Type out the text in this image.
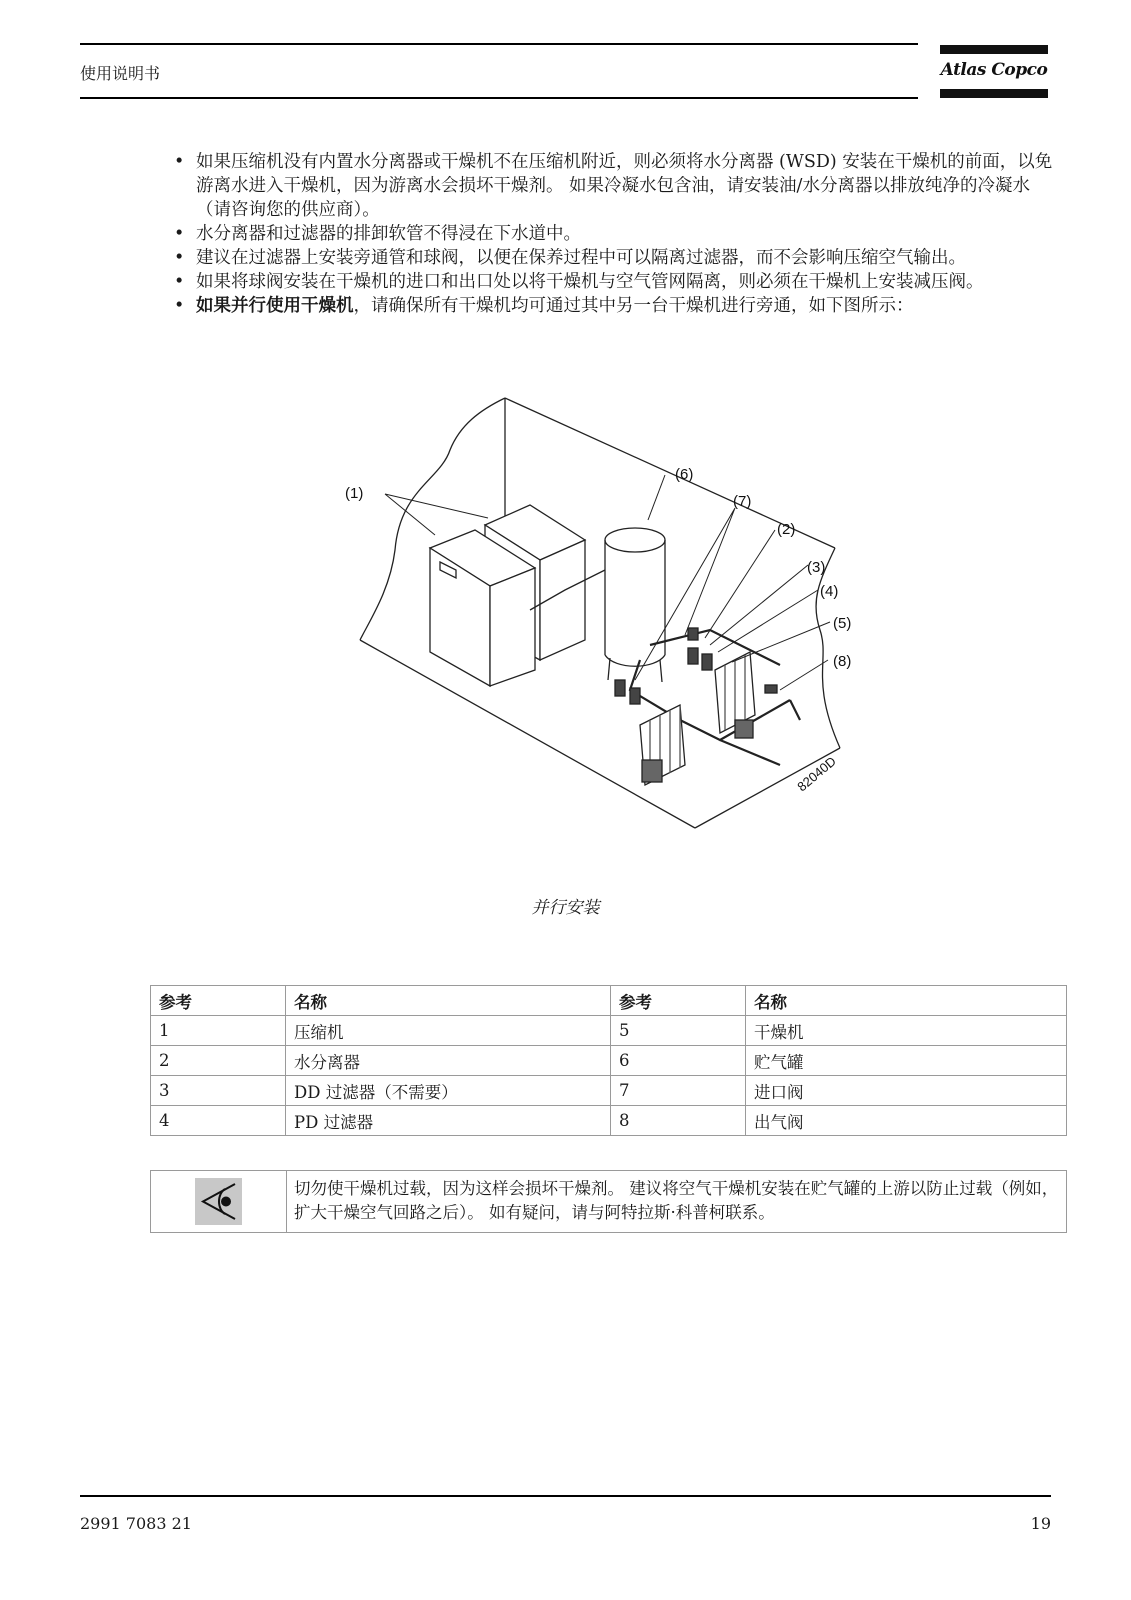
使用说明书	Atlas Copco
• 如果压缩机没有内置水分离器或干燥机不在压缩机附近，则必须将水分离器 (WSD) 安装在干燥机的前面，以免游离水进入干燥机，因为游离水会损坏干燥剂。 如果冷凝水包含油，请安装油/水分离器以排放纯净的冷凝水（请咨询您的供应商）。
• 水分离器和过滤器的排卸软管不得浸在下水道中。
• 建议在过滤器上安装旁通管和球阀，以便在保养过程中可以隔离过滤器，而不会影响压缩空气输出。
• 如果将球阀安装在干燥机的进口和出口处以将干燥机与空气管网隔离，则必须在干燥机上安装减压阀。
• 如果并行使用干燥机，请确保所有干燥机均可通过其中另一台干燥机进行旁通，如下图所示：
(1)
(6)
(7)
(2)
(3)
(4)
(5)
(8)
82040D
并行安装
参考	名称	参考	名称
1	压缩机	5	干燥机
2	水分离器	6	贮气罐
3	DD 过滤器（不需要）	7	进口阀
4	PD 过滤器	8	出气阀
切勿使干燥机过载，因为这样会损坏干燥剂。 建议将空气干燥机安装在贮气罐的上游以防止过载（例如，扩大干燥空气回路之后）。 如有疑问，请与阿特拉斯·科普柯联系。
2991 7083 21	19
